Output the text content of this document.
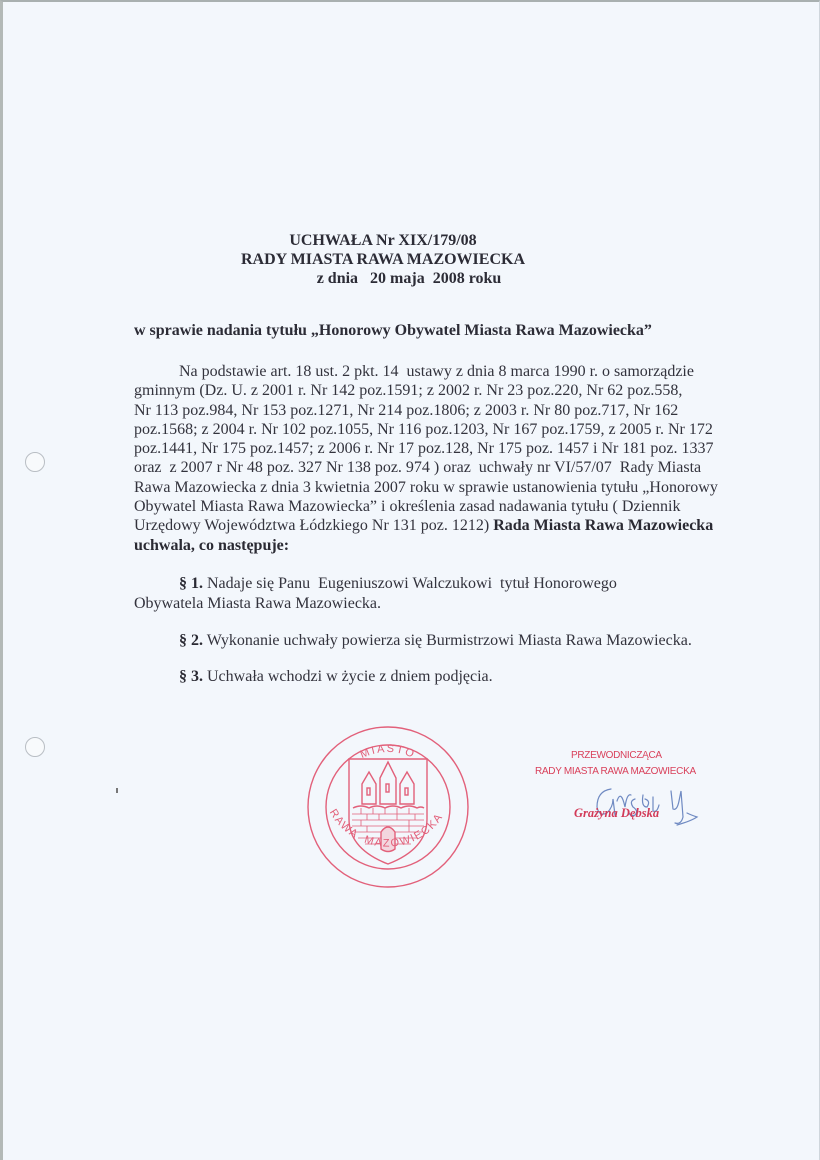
UCHWAŁA Nr XIX/179/08
RADY MIASTA RAWA MAZOWIECKA
z dnia   20 maja  2008 roku
w sprawie nadania tytułu „Honorowy Obywatel Miasta Rawa Mazowiecka”
Na podstawie art. 18 ust. 2 pkt. 14  ustawy z dnia 8 marca 1990 r. o samorządzie
gminnym (Dz. U. z 2001 r. Nr 142 poz.1591; z 2002 r. Nr 23 poz.220, Nr 62 poz.558,
Nr 113 poz.984, Nr 153 poz.1271, Nr 214 poz.1806; z 2003 r. Nr 80 poz.717, Nr 162
poz.1568; z 2004 r. Nr 102 poz.1055, Nr 116 poz.1203, Nr 167 poz.1759, z 2005 r. Nr 172
poz.1441, Nr 175 poz.1457; z 2006 r. Nr 17 poz.128, Nr 175 poz. 1457 i Nr 181 poz. 1337
oraz  z 2007 r Nr 48 poz. 327 Nr 138 poz. 974 ) oraz  uchwały nr VI/57/07  Rady Miasta
Rawa Mazowiecka z dnia 3 kwietnia 2007 roku w sprawie ustanowienia tytułu „Honorowy
Obywatel Miasta Rawa Mazowiecka” i określenia zasad nadawania tytułu ( Dziennik
Urzędowy Województwa Łódzkiego Nr 131 poz. 1212) Rada Miasta Rawa Mazowiecka
uchwala, co następuje:
§ 1. Nadaje się Panu  Eugeniuszowi Walczukowi  tytuł Honorowego
Obywatela Miasta Rawa Mazowiecka.
§ 2. Wykonanie uchwały powierza się Burmistrzowi Miasta Rawa Mazowiecka.
§ 3. Uchwała wchodzi w życie z dniem podjęcia.
MIASTO
RAWA  MAZOWIECKA
PRZEWODNICZĄCA
RADY MIASTA RAWA MAZOWIECKA
Grażyna Dębska
